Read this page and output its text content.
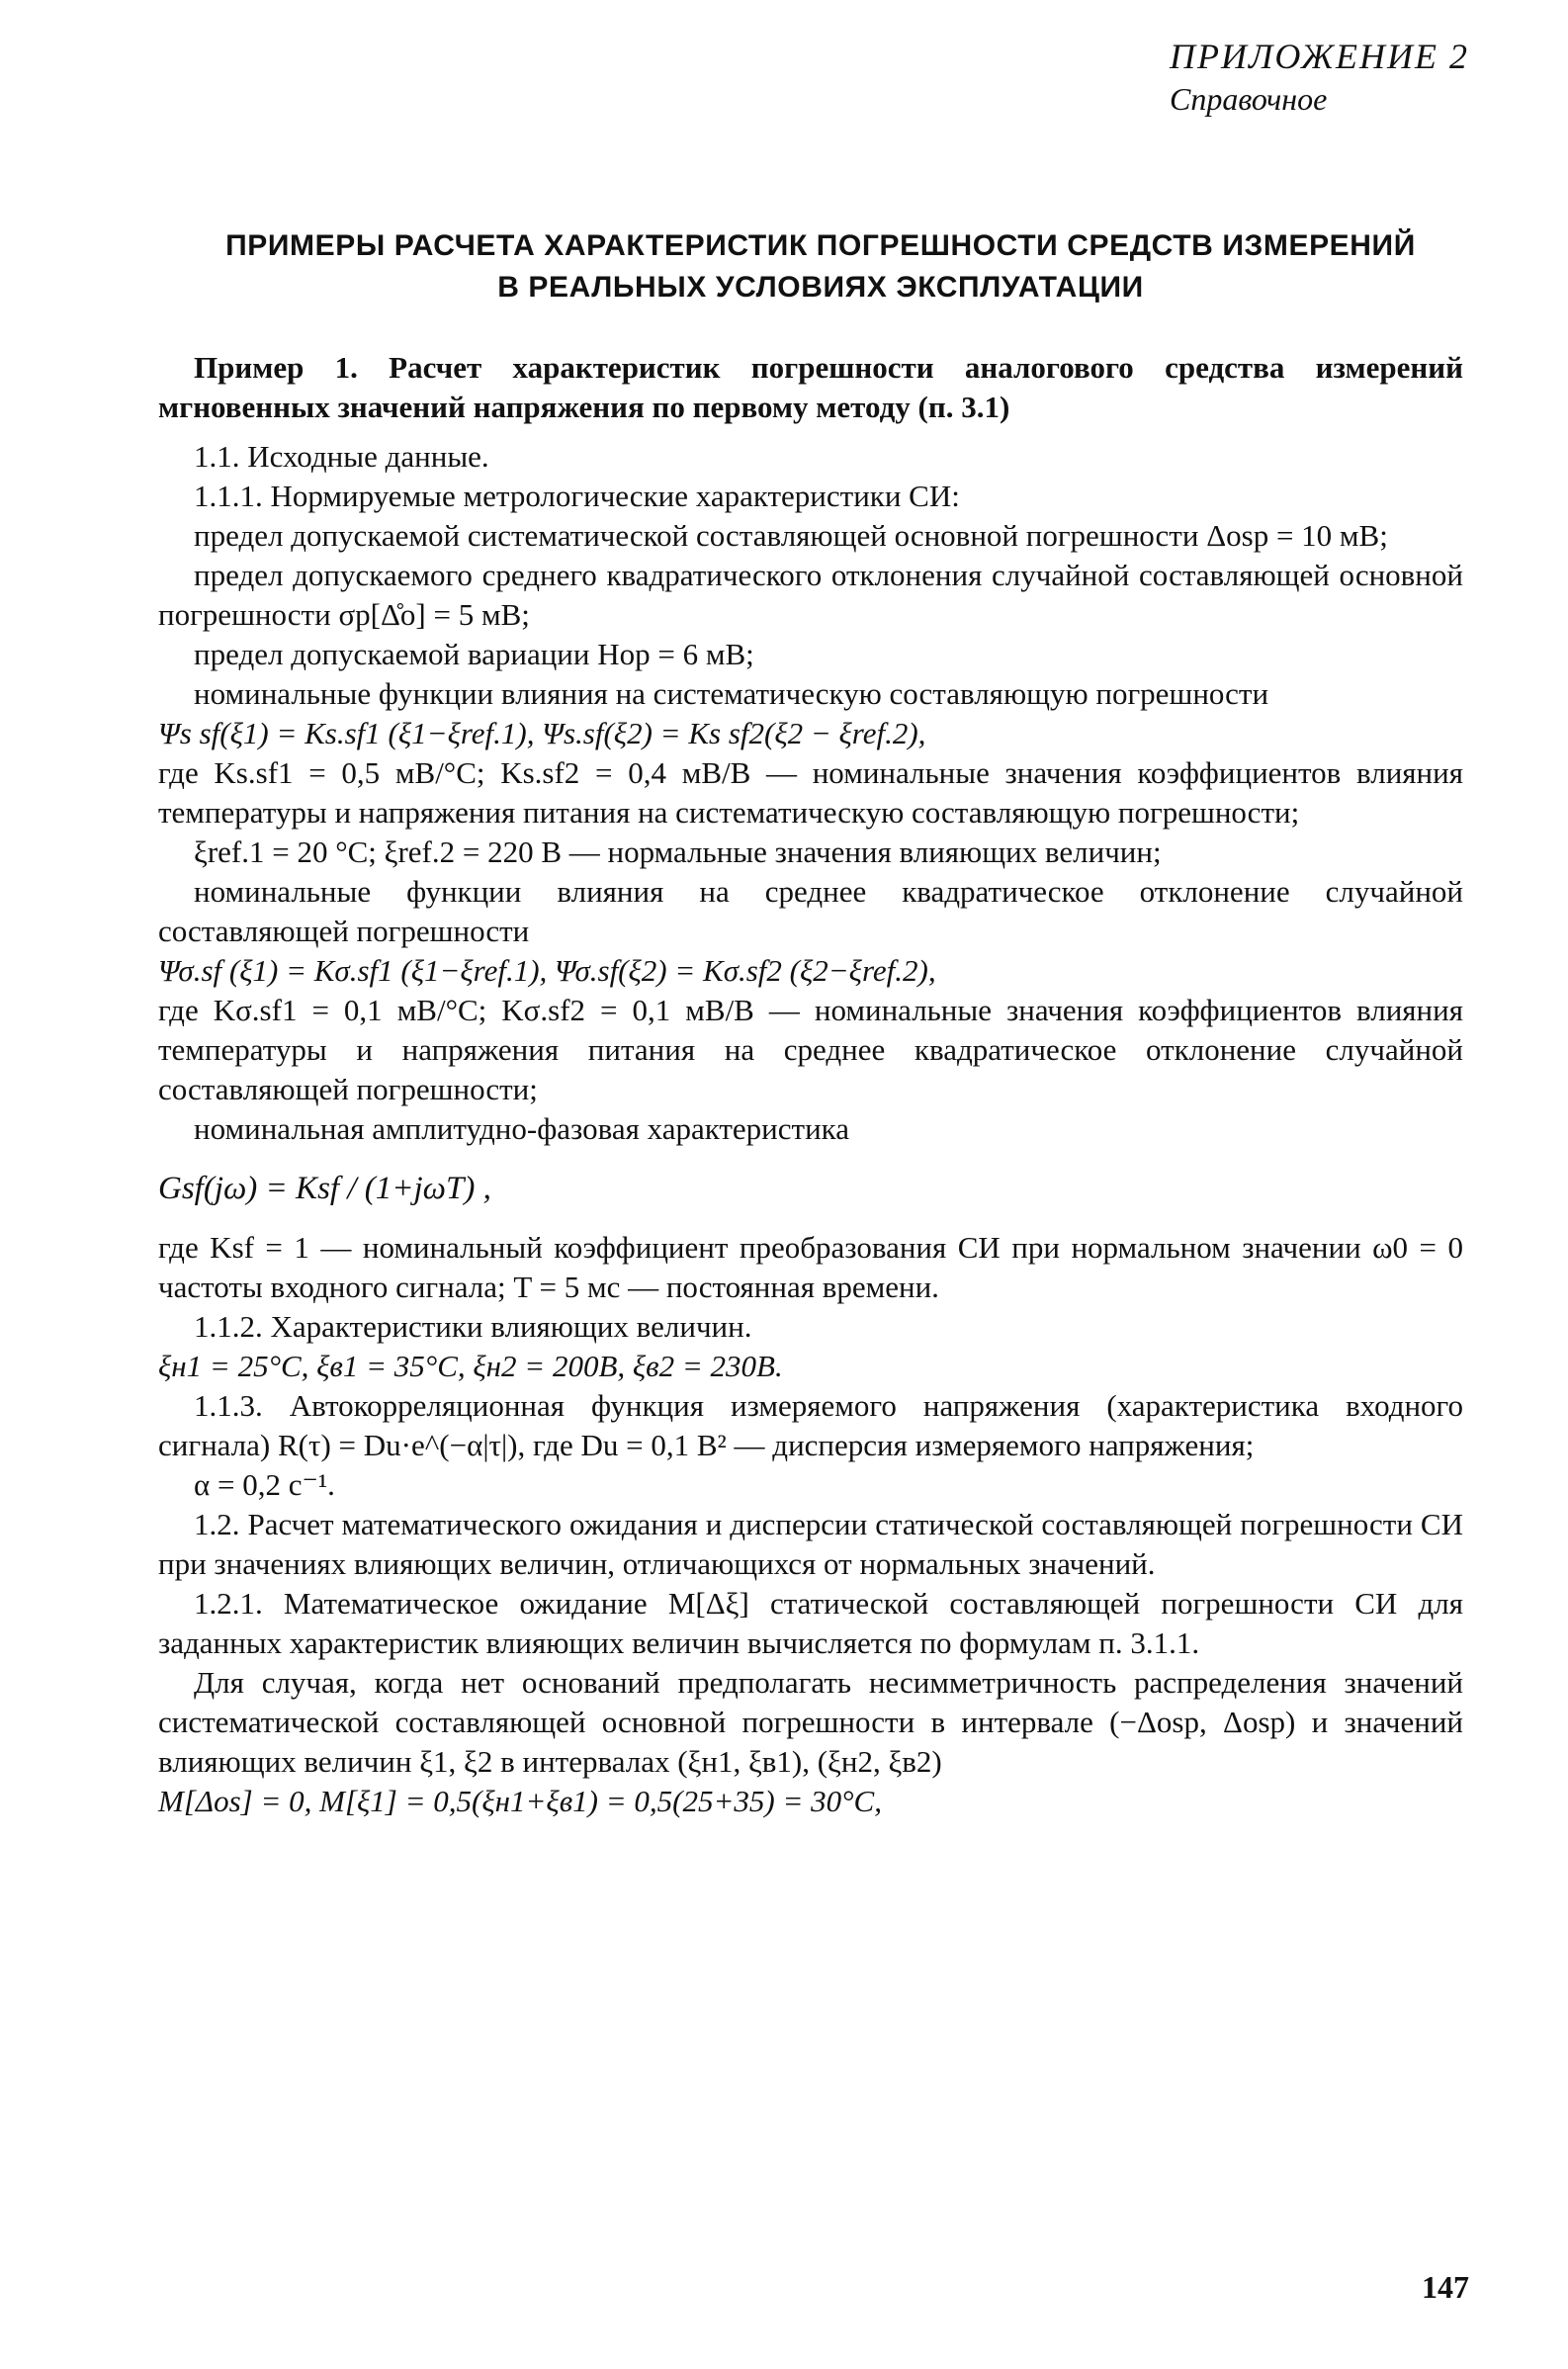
ПРИЛОЖЕНИЕ 2
Справочное
ПРИМЕРЫ РАСЧЕТА ХАРАКТЕРИСТИК ПОГРЕШНОСТИ СРЕДСТВ ИЗМЕРЕНИЙ
В РЕАЛЬНЫХ УСЛОВИЯХ ЭКСПЛУАТАЦИИ

Пример 1. Расчет характеристик погрешности аналогового средства измерений мгновенных значений напряжения по первому методу (п. 3.1)

1.1. Исходные данные.

1.1.1. Нормируемые метрологические характеристики СИ:

предел допускаемой систематической составляющей основной погрешности Δosp = 10 мВ;

предел допускаемого среднего квадратического отклонения случайной составляющей основной погрешности σp[Δ̊o] = 5 мВ;

предел допускаемой вариации Hop = 6 мВ;

номинальные функции влияния на систематическую составляющую погрешности

Ψs sf(ξ1) = Ks.sf1 (ξ1−ξref.1), Ψs.sf(ξ2) = Ks sf2(ξ2 − ξref.2),

где Ks.sf1 = 0,5 мВ/°С; Ks.sf2 = 0,4 мВ/В — номинальные значения коэффициентов влияния температуры и напряжения питания на систематическую составляющую погрешности;

ξref.1 = 20 °С; ξref.2 = 220 В — нормальные значения влияющих величин;

номинальные функции влияния на среднее квадратическое отклонение случайной составляющей погрешности

Ψσ.sf (ξ1) = Kσ.sf1 (ξ1−ξref.1), Ψσ.sf(ξ2) = Kσ.sf2 (ξ2−ξref.2),

где Kσ.sf1 = 0,1 мВ/°С; Kσ.sf2 = 0,1 мВ/В — номинальные значения коэффициентов влияния температуры и напряжения питания на среднее квадратическое отклонение случайной составляющей погрешности;

номинальная амплитудно-фазовая характеристика

Gsf(jω) = Ksf / (1+jωT) ,

где Ksf = 1 — номинальный коэффициент преобразования СИ при нормальном значении ω0 = 0 частоты входного сигнала; T = 5 мс — постоянная времени.

1.1.2. Характеристики влияющих величин.

ξн1 = 25°С, ξв1 = 35°С, ξн2 = 200В, ξв2 = 230В.

1.1.3. Автокорреляционная функция измеряемого напряжения (характеристика входного сигнала) R(τ) = Du·e^(−α|τ|), где Du = 0,1 В² — дисперсия измеряемого напряжения;

α = 0,2 с⁻¹.

1.2. Расчет математического ожидания и дисперсии статической составляющей погрешности СИ при значениях влияющих величин, отличающихся от нормальных значений.

1.2.1. Математическое ожидание M[Δξ] статической составляющей погрешности СИ для заданных характеристик влияющих величин вычисляется по формулам п. 3.1.1.

Для случая, когда нет оснований предполагать несимметричность распределения значений систематической составляющей основной погрешности в интервале (−Δosp, Δosp) и значений влияющих величин ξ1, ξ2 в интервалах (ξн1, ξв1), (ξн2, ξв2)

M[Δos] = 0, M[ξ1] = 0,5(ξн1+ξв1) = 0,5(25+35) = 30°С,

147
